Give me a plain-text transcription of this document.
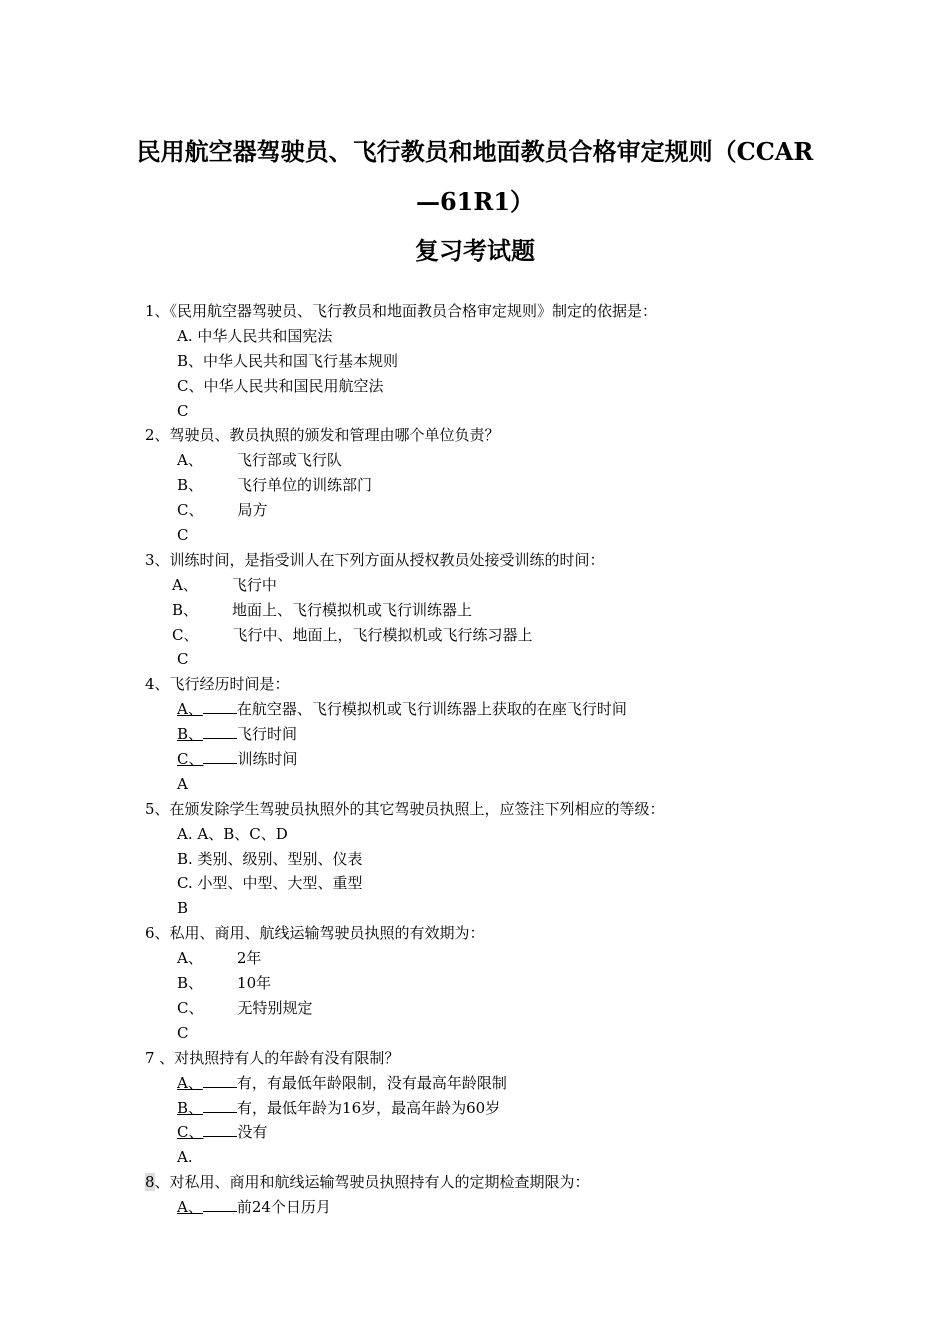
民用航空器驾驶员、飞行教员和地面教员合格审定规则（CCAR
—61R1）
复习考试题
1、《民用航空器驾驶员、飞行教员和地面教员合格审定规则》制定的依据是：
A. 中华人民共和国宪法
B、中华人民共和国飞行基本规则
C、中华人民共和国民用航空法
C
2、驾驶员、教员执照的颁发和管理由哪个单位负责？
A、 飞行部或飞行队
B、 飞行单位的训练部门
C、 局方
C
3、训练时间，是指受训人在下列方面从授权教员处接受训练的时间：
A、 飞行中
B、 地面上、飞行模拟机或飞行训练器上
C、 飞行中、地面上，飞行模拟机或飞行练习器上
C
4、飞行经历时间是：
A、 在航空器、飞行模拟机或飞行训练器上获取的在座飞行时间
B、 飞行时间
C、 训练时间
A
5、在颁发除学生驾驶员执照外的其它驾驶员执照上，应签注下列相应的等级：
A. A、B、C、D
B. 类别、级别、型别、仪表
C. 小型、中型、大型、重型
B
6、私用、商用、航线运输驾驶员执照的有效期为：
A、 2年
B、 10年
C、 无特别规定
C
7 、对执照持有人的年龄有没有限制？
A、 有，有最低年龄限制，没有最高年龄限制
B、 有，最低年龄为16岁，最高年龄为60岁
C、 没有
A.
8、对私用、商用和航线运输驾驶员执照持有人的定期检查期限为：
A、 前24个日历月
